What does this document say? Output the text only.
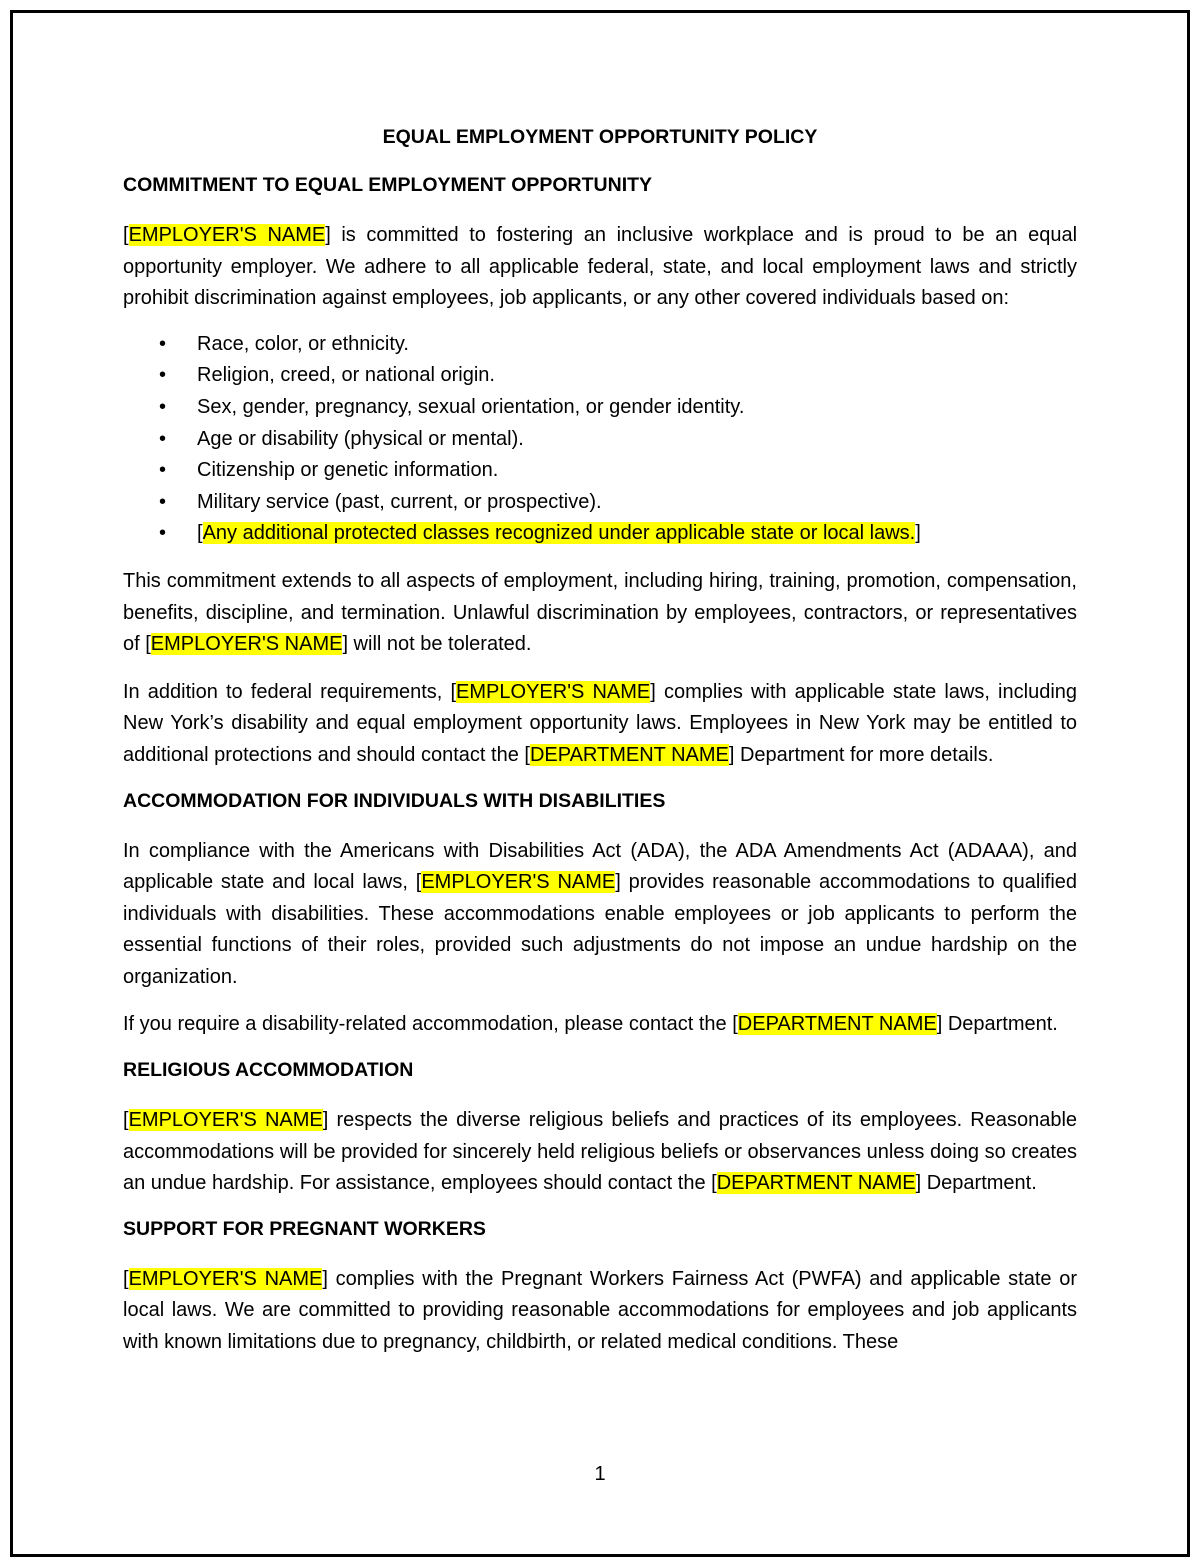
EQUAL EMPLOYMENT OPPORTUNITY POLICY
COMMITMENT TO EQUAL EMPLOYMENT OPPORTUNITY

[EMPLOYER'S NAME] is committed to fostering an inclusive workplace and is proud to be an equal opportunity employer. We adhere to all applicable federal, state, and local employment laws and strictly prohibit discrimination against employees, job applicants, or any other covered individuals based on:

• Race, color, or ethnicity.
• Religion, creed, or national origin.
• Sex, gender, pregnancy, sexual orientation, or gender identity.
• Age or disability (physical or mental).
• Citizenship or genetic information.
• Military service (past, current, or prospective).
• [Any additional protected classes recognized under applicable state or local laws.]

This commitment extends to all aspects of employment, including hiring, training, promotion, compensation, benefits, discipline, and termination. Unlawful discrimination by employees, contractors, or representatives of [EMPLOYER'S NAME] will not be tolerated.

In addition to federal requirements, [EMPLOYER'S NAME] complies with applicable state laws, including New York’s disability and equal employment opportunity laws. Employees in New York may be entitled to additional protections and should contact the [DEPARTMENT NAME] Department for more details.

ACCOMMODATION FOR INDIVIDUALS WITH DISABILITIES

In compliance with the Americans with Disabilities Act (ADA), the ADA Amendments Act (ADAAA), and applicable state and local laws, [EMPLOYER'S NAME] provides reasonable accommodations to qualified individuals with disabilities. These accommodations enable employees or job applicants to perform the essential functions of their roles, provided such adjustments do not impose an undue hardship on the organization.

If you require a disability-related accommodation, please contact the [DEPARTMENT NAME] Department.

RELIGIOUS ACCOMMODATION

[EMPLOYER'S NAME] respects the diverse religious beliefs and practices of its employees. Reasonable accommodations will be provided for sincerely held religious beliefs or observances unless doing so creates an undue hardship. For assistance, employees should contact the [DEPARTMENT NAME] Department.

SUPPORT FOR PREGNANT WORKERS

[EMPLOYER'S NAME] complies with the Pregnant Workers Fairness Act (PWFA) and applicable state or local laws. We are committed to providing reasonable accommodations for employees and job applicants with known limitations due to pregnancy, childbirth, or related medical conditions. These

1
